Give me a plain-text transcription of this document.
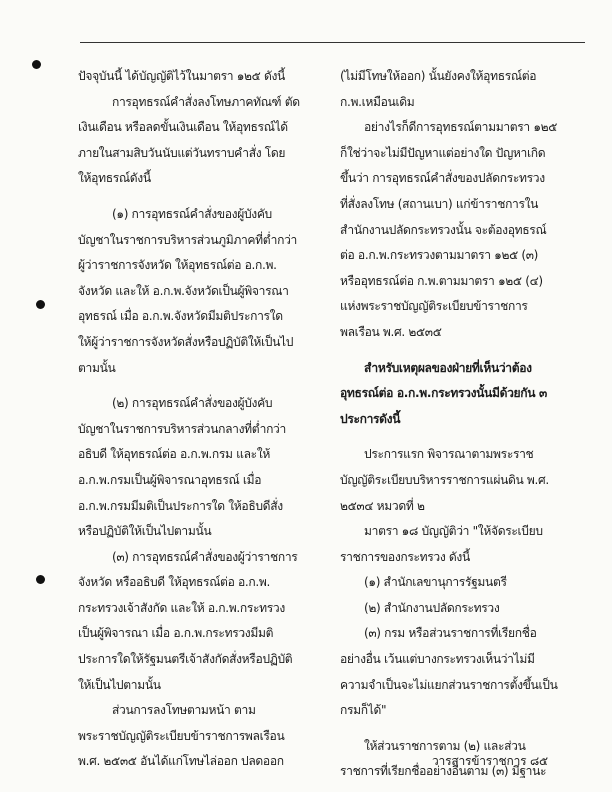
ปัจจุบันนี้ ได้บัญญัติไว้ในมาตรา ๑๒๕ ดังนี้
การอุทธรณ์คำสั่งลงโทษภาคทัณฑ์ ตัด
เงินเดือน หรือลดขั้นเงินเดือน ให้อุทธรณ์ได้
ภายในสามสิบวันนับแต่วันทราบคำสั่ง โดย
ให้อุทธรณ์ดังนี้
(๑) การอุทธรณ์คำสั่งของผู้บังคับ
บัญชาในราชการบริหารส่วนภูมิภาคที่ต่ำกว่า
ผู้ว่าราชการจังหวัด ให้อุทธรณ์ต่อ อ.ก.พ.
จังหวัด และให้ อ.ก.พ.จังหวัดเป็นผู้พิจารณา
อุทธรณ์ เมื่อ อ.ก.พ.จังหวัดมีมติประการใด
ให้ผู้ว่าราชการจังหวัดสั่งหรือปฏิบัติให้เป็นไป
ตามนั้น
(๒) การอุทธรณ์คำสั่งของผู้บังคับ
บัญชาในราชการบริหารส่วนกลางที่ต่ำกว่า
อธิบดี ให้อุทธรณ์ต่อ อ.ก.พ.กรม และให้
อ.ก.พ.กรมเป็นผู้พิจารณาอุทธรณ์ เมื่อ
อ.ก.พ.กรมมีมติเป็นประการใด ให้อธิบดีสั่ง
หรือปฏิบัติให้เป็นไปตามนั้น
(๓) การอุทธรณ์คำสั่งของผู้ว่าราชการ
จังหวัด หรืออธิบดี ให้อุทธรณ์ต่อ อ.ก.พ.
กระทรวงเจ้าสังกัด และให้ อ.ก.พ.กระทรวง
เป็นผู้พิจารณา เมื่อ อ.ก.พ.กระทรวงมีมติ
ประการใดให้รัฐมนตรีเจ้าสังกัดสั่งหรือปฏิบัติ
ให้เป็นไปตามนั้น
ส่วนการลงโทษตามหน้า ตาม
พระราชบัญญัติระเบียบข้าราชการพลเรือน
พ.ศ. ๒๕๓๕ อันได้แก่โทษไล่ออก ปลดออก
(ไม่มีโทษให้ออก) นั้นยังคงให้อุทธรณ์ต่อ
ก.พ.เหมือนเดิม
อย่างไรก็ดีการอุทธรณ์ตามมาตรา ๑๒๕
ก็ใช่ว่าจะไม่มีปัญหาแต่อย่างใด ปัญหาเกิด
ขึ้นว่า การอุทธรณ์คำสั่งของปลัดกระทรวง
ที่สั่งลงโทษ (สถานเบา) แก่ข้าราชการใน
สำนักงานปลัดกระทรวงนั้น จะต้องอุทธรณ์
ต่อ อ.ก.พ.กระทรวงตามมาตรา ๑๒๕ (๓)
หรืออุทธรณ์ต่อ ก.พ.ตามมาตรา ๑๒๕ (๔)
แห่งพระราชบัญญัติระเบียบข้าราชการ
พลเรือน พ.ศ. ๒๕๓๕
สำหรับเหตุผลของฝ่ายที่เห็นว่าต้อง
อุทธรณ์ต่อ อ.ก.พ.กระทรวงนั้นมีด้วยกัน ๓
ประการดังนี้
ประการแรก พิจารณาตามพระราช
บัญญัติระเบียบบริหารราชการแผ่นดิน พ.ศ.
๒๕๓๔ หมวดที่ ๒
มาตรา ๑๘ บัญญัติว่า "ให้จัดระเบียบ
ราชการของกระทรวง ดังนี้
(๑) สำนักเลขานุการรัฐมนตรี
(๒) สำนักงานปลัดกระทรวง
(๓) กรม หรือส่วนราชการที่เรียกชื่อ
อย่างอื่น เว้นแต่บางกระทรวงเห็นว่าไม่มี
ความจำเป็นจะไม่แยกส่วนราชการตั้งขึ้นเป็น
กรมก็ได้"
ให้ส่วนราชการตาม (๒) และส่วน
ราชการที่เรียกชื่ออย่างอื่นตาม (๓) มีฐานะ
วารสารข้าราชการ ๘๕
